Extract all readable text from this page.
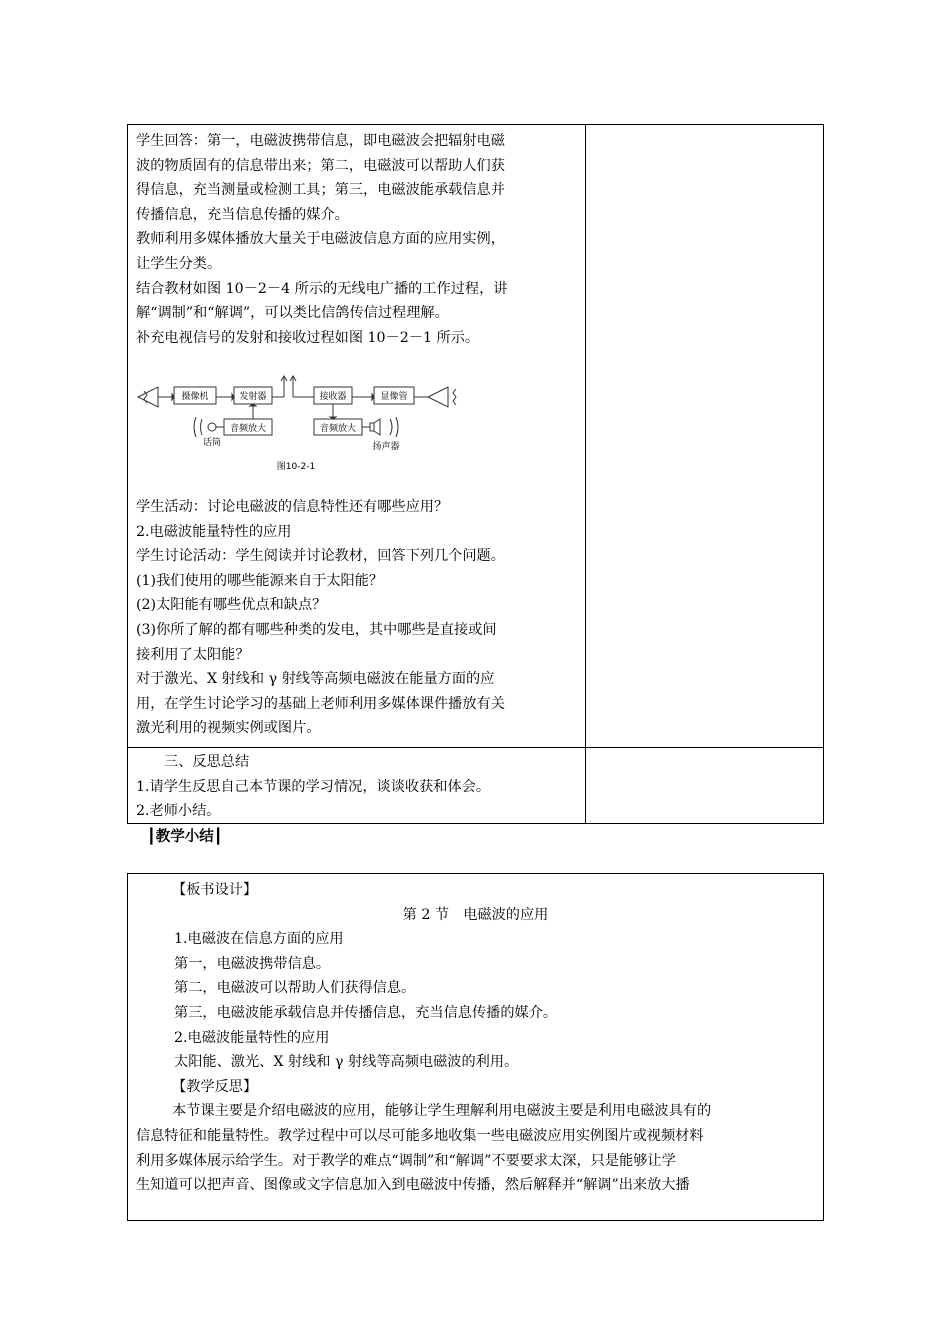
学生回答：第一，电磁波携带信息，即电磁波会把辐射电磁

波的物质固有的信息带出来；第二，电磁波可以帮助人们获

得信息，充当测量或检测工具；第三，电磁波能承载信息并

传播信息，充当信息传播的媒介。

教师利用多媒体播放大量关于电磁波信息方面的应用实例，

让学生分类。

结合教材如图 10－2－4 所示的无线电广播的工作过程，讲

解“调制”和“解调”，可以类比信鸽传信过程理解。

补充电视信号的发射和接收过程如图 10－2－1 所示。

摄像机	发射器	接收器	显像管
音频放大	音频放大
话筒	扬声器
图10-2-1

学生活动：讨论电磁波的信息特性还有哪些应用？

2.电磁波能量特性的应用

学生讨论活动：学生阅读并讨论教材，回答下列几个问题。

(1)我们使用的哪些能源来自于太阳能？

(2)太阳能有哪些优点和缺点？

(3)你所了解的都有哪些种类的发电，其中哪些是直接或间

接利用了太阳能？

对于激光、X 射线和 γ 射线等高频电磁波在能量方面的应

用，在学生讨论学习的基础上老师利用多媒体课件播放有关

激光利用的视频实例或图片。

三、反思总结

1.请学生反思自己本节课的学习情况，谈谈收获和体会。

2.老师小结。

┃教学小结┃

【板书设计】

第 2 节　电磁波的应用

1.电磁波在信息方面的应用

第一，电磁波携带信息。

第二，电磁波可以帮助人们获得信息。

第三，电磁波能承载信息并传播信息，充当信息传播的媒介。

2.电磁波能量特性的应用

太阳能、激光、X 射线和 γ 射线等高频电磁波的利用。

【教学反思】

本节课主要是介绍电磁波的应用，能够让学生理解利用电磁波主要是利用电磁波具有的

信息特征和能量特性。教学过程中可以尽可能多地收集一些电磁波应用实例图片或视频材料

利用多媒体展示给学生。对于教学的难点“调制”和“解调”不要要求太深，只是能够让学

生知道可以把声音、图像或文字信息加入到电磁波中传播，然后解释并“解调”出来放大播
